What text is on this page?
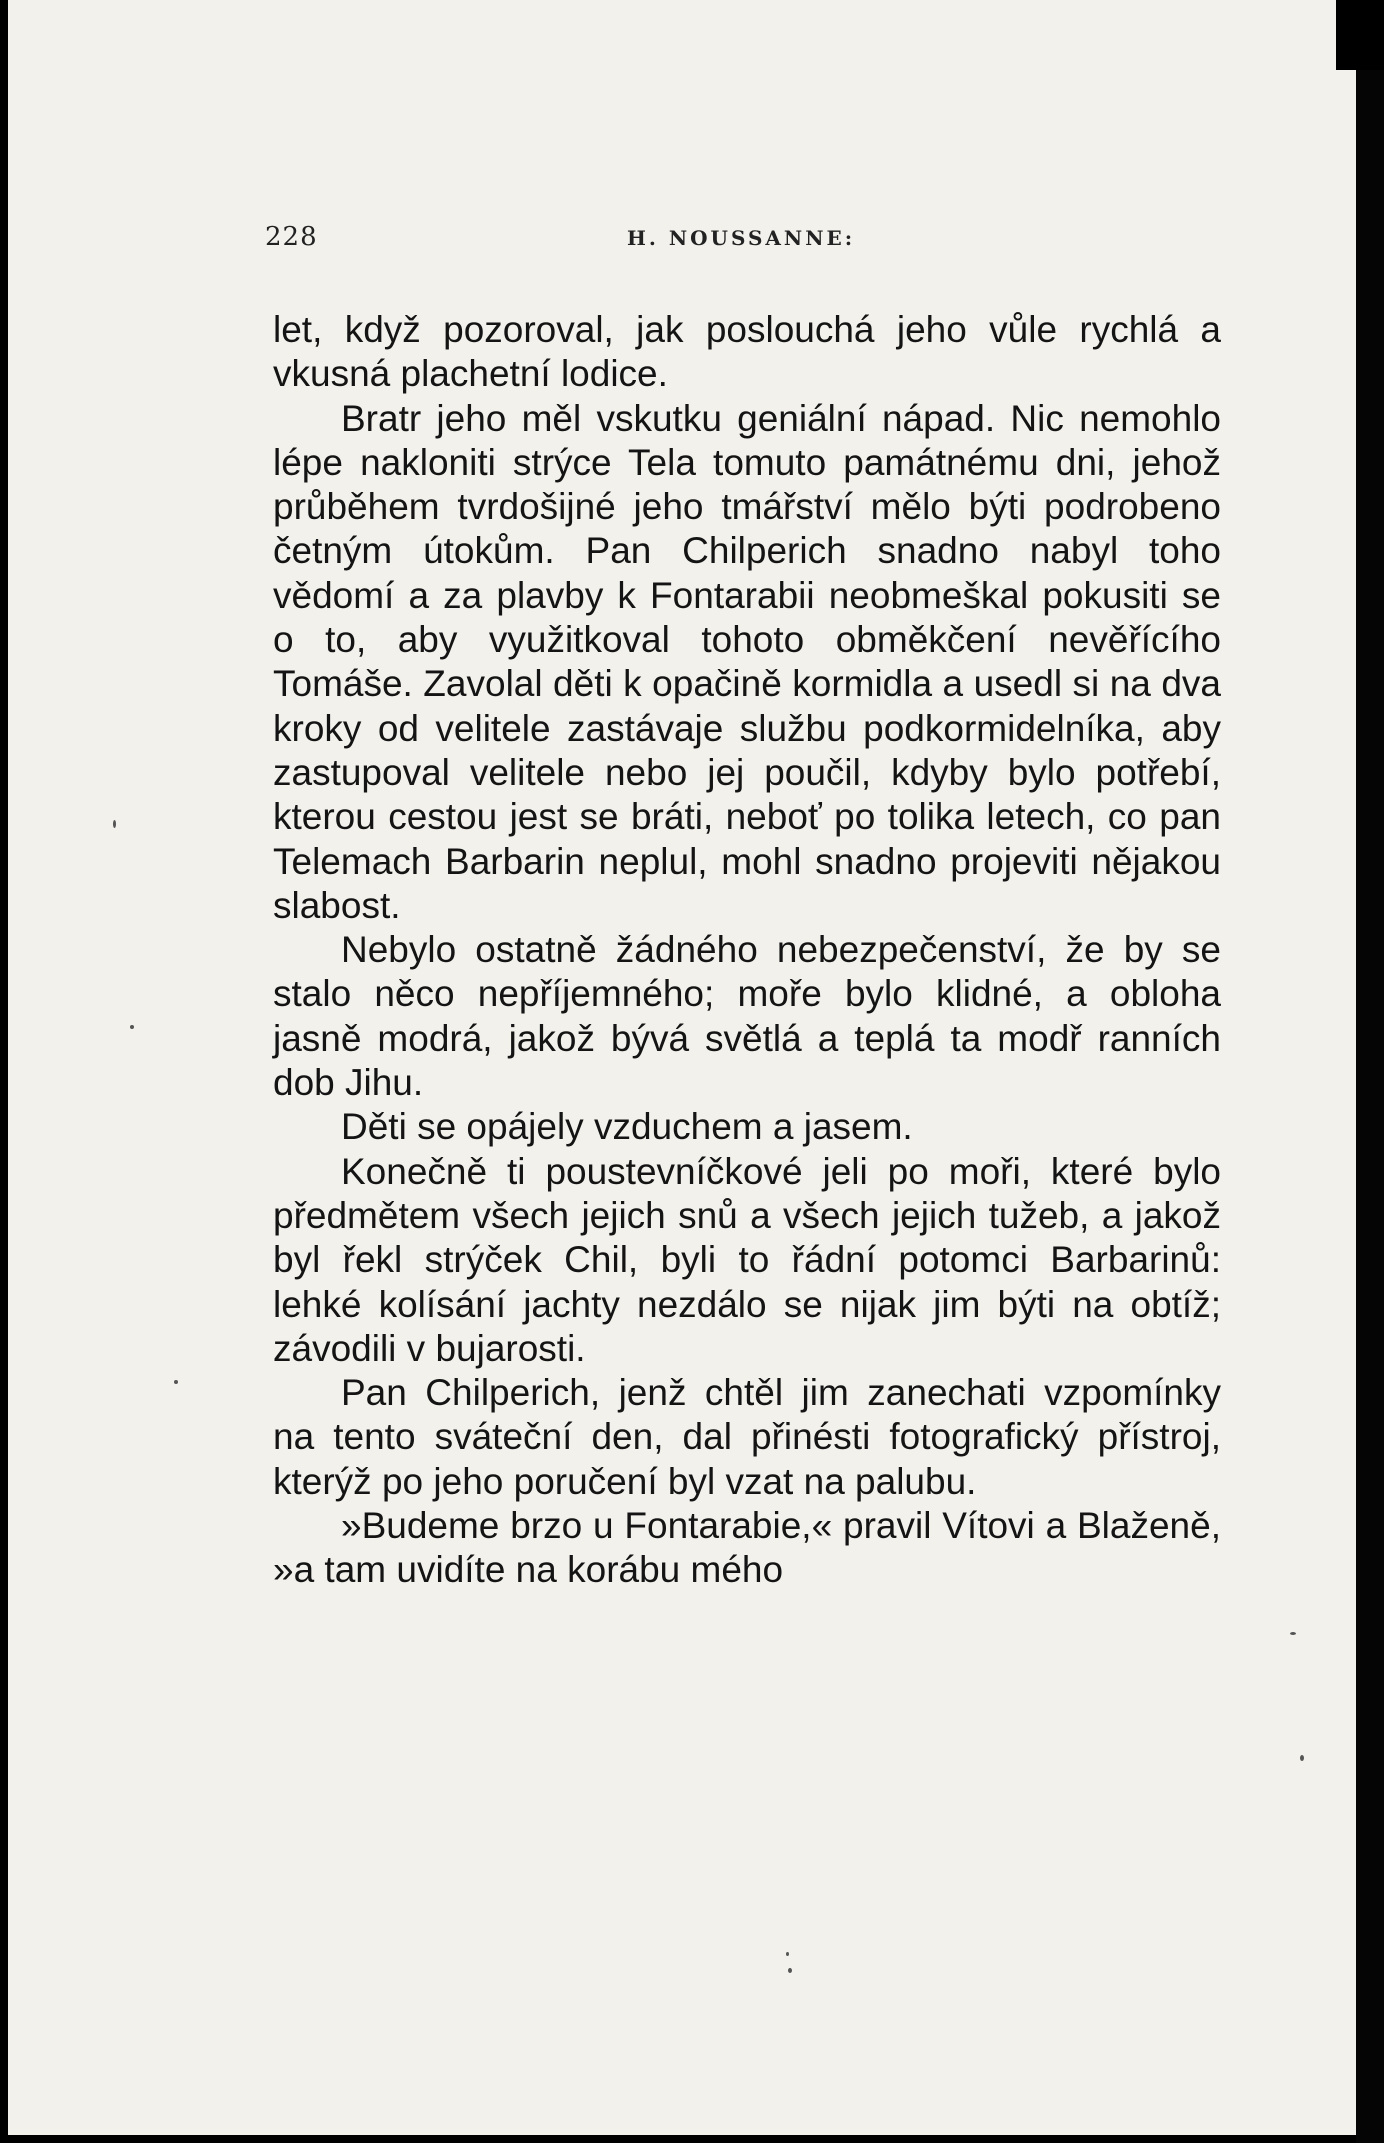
228	H. NOUSSANNE:

let, když pozoroval, jak poslouchá jeho vůle rychlá a vkusná plachetní lodice.

Bratr jeho měl vskutku geniální nápad. Nic nemohlo lépe nakloniti strýce Tela tomuto památnému dni, jehož průběhem tvrdošijné jeho tmářství mělo býti podrobeno četným útokům. Pan Chilperich snadno nabyl toho vědomí a za plavby k Fontarabii neobmeškal pokusiti se o to, aby využitkoval tohoto obměkčení nevěřícího Tomáše. Zavolal děti k opačině kormidla a usedl si na dva kroky od velitele zastávaje službu podkormidelníka, aby zastupoval velitele nebo jej poučil, kdyby bylo potřebí, kterou cestou jest se bráti, neboť po tolika letech, co pan Telemach Barbarin neplul, mohl snadno projeviti nějakou slabost.

Nebylo ostatně žádného nebezpečenství, že by se stalo něco nepříjemného; moře bylo klidné, a obloha jasně modrá, jakož bývá světlá a teplá ta modř ranních dob Jihu.

Děti se opájely vzduchem a jasem.

Konečně ti poustevníčkové jeli po moři, které bylo předmětem všech jejich snů a všech jejich tužeb, a jakož byl řekl strýček Chil, byli to řádní potomci Barbarinů: lehké kolísání jachty nezdálo se nijak jim býti na obtíž; závodili v bujarosti.

Pan Chilperich, jenž chtěl jim zanechati vzpomínky na tento sváteční den, dal přinésti fotografický přístroj, kterýž po jeho poručení byl vzat na palubu.

»Budeme brzo u Fontarabie,« pravil Vítovi a Blaženě, »a tam uvidíte na korábu mého
